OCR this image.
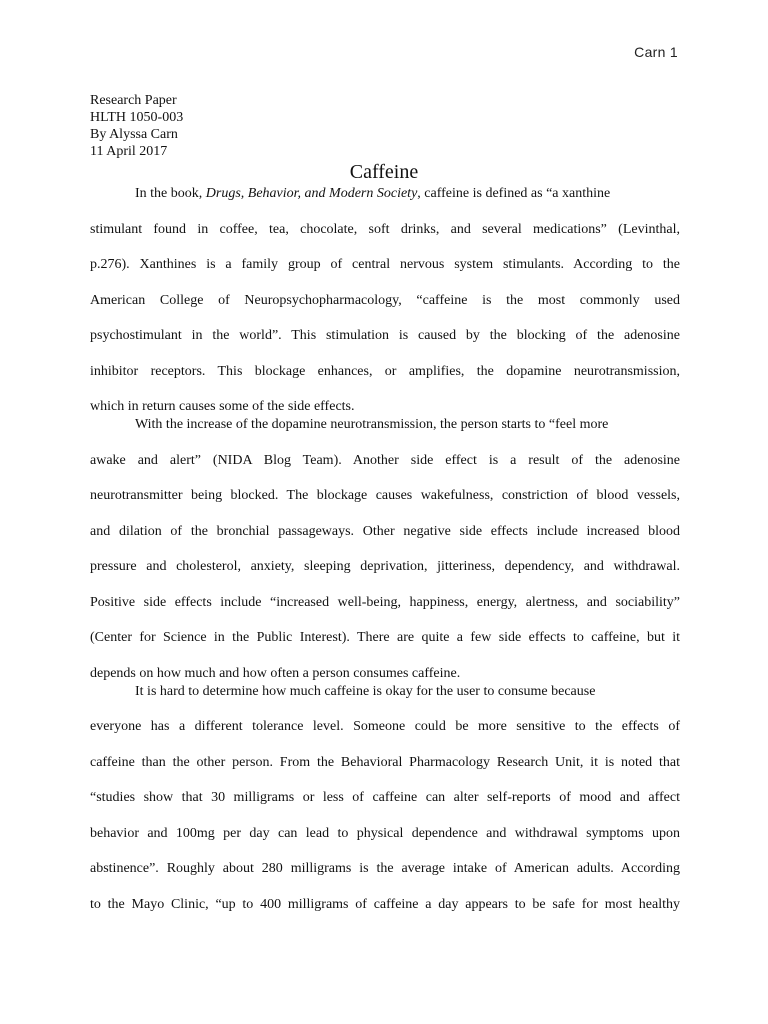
Carn 1
Research Paper
HLTH 1050-003
By Alyssa Carn
11 April 2017
Caffeine
In the book, Drugs, Behavior, and Modern Society, caffeine is defined as “a xanthine
stimulant found in coffee, tea, chocolate, soft drinks, and several medications” (Levinthal,
p.276). Xanthines is a family group of central nervous system stimulants. According to the
American College of Neuropsychopharmacology, “caffeine is the most commonly used
psychostimulant in the world”. This stimulation is caused by the blocking of the adenosine
inhibitor receptors. This blockage enhances, or amplifies, the dopamine neurotransmission,
which in return causes some of the side effects.
With the increase of the dopamine neurotransmission, the person starts to “feel more
awake and alert” (NIDA Blog Team). Another side effect is a result of the adenosine
neurotransmitter being blocked. The blockage causes wakefulness, constriction of blood vessels,
and dilation of the bronchial passageways. Other negative side effects include increased blood
pressure and cholesterol, anxiety, sleeping deprivation, jitteriness, dependency, and withdrawal.
Positive side effects include “increased well-being, happiness, energy, alertness, and sociability”
(Center for Science in the Public Interest). There are quite a few side effects to caffeine, but it
depends on how much and how often a person consumes caffeine.
It is hard to determine how much caffeine is okay for the user to consume because
everyone has a different tolerance level. Someone could be more sensitive to the effects of
caffeine than the other person. From the Behavioral Pharmacology Research Unit, it is noted that
“studies show that 30 milligrams or less of caffeine can alter self-reports of mood and affect
behavior and 100mg per day can lead to physical dependence and withdrawal symptoms upon
abstinence”. Roughly about 280 milligrams is the average intake of American adults. According
to the Mayo Clinic, “up to 400 milligrams of caffeine a day appears to be safe for most healthy
